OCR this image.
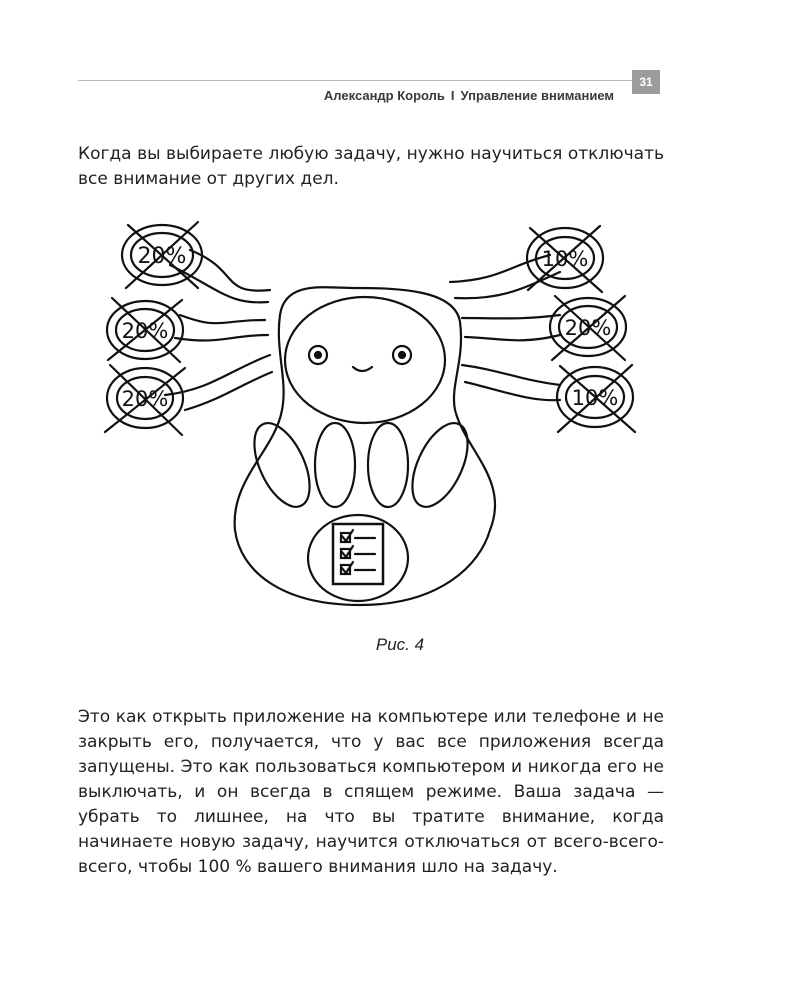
31
Александр Король I Управление вниманием

Когда вы выбираете любую задачу, нужно научиться отключать все внимание от других дел.

20%
20%
20%
10%
20%
10%
Рис. 4

Это как открыть приложение на компьютере или телефоне и не закрыть его, получается, что у вас все приложения всегда запущены. Это как пользоваться компьютером и никогда его не выключать, и он всегда в спящем режиме. Ваша задача — убрать то лишнее, на что вы тратите внимание, когда начинаете новую задачу, научится отключаться от всего-всего-всего, чтобы 100 % вашего внимания шло на задачу.
